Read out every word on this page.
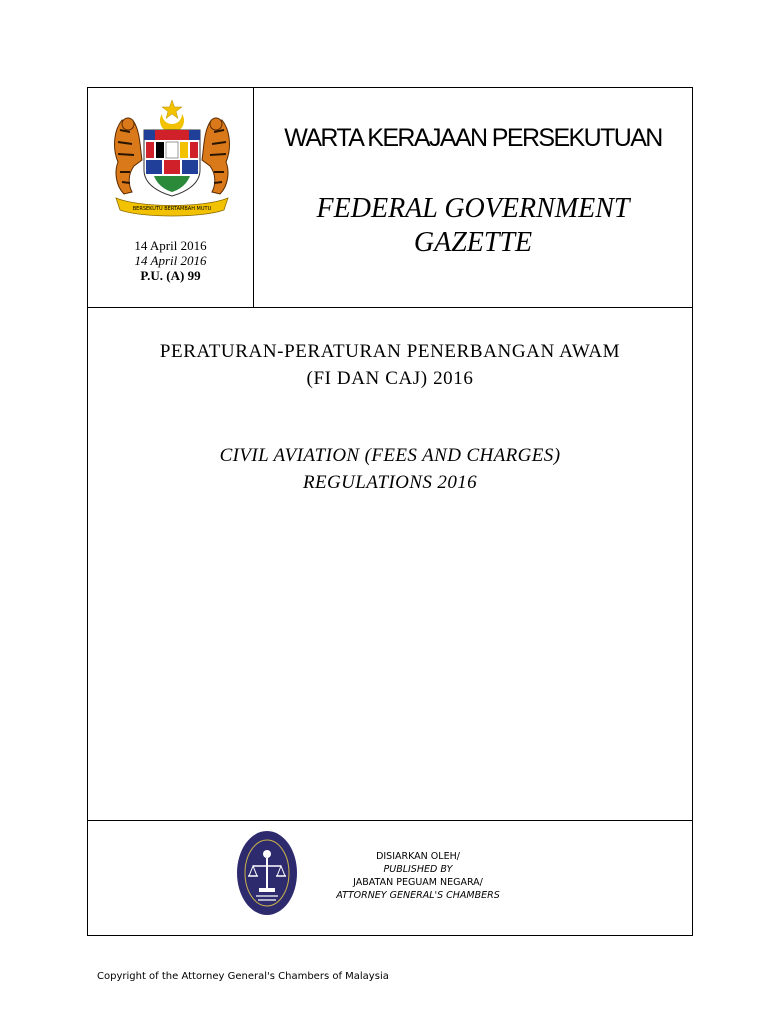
BERSEKUTU BERTAMBAH MUTU
14 April 2016
14 April 2016
P.U. (A) 99
WARTA KERAJAAN PERSEKUTUAN
FEDERAL GOVERNMENT
GAZETTE
PERATURAN-PERATURAN PENERBANGAN AWAM
(FI DAN CAJ) 2016
CIVIL AVIATION (FEES AND CHARGES)
REGULATIONS 2016
DISIARKAN OLEH/
PUBLISHED BY
JABATAN PEGUAM NEGARA/
ATTORNEY GENERAL'S CHAMBERS
Copyright of the Attorney General's Chambers of Malaysia
